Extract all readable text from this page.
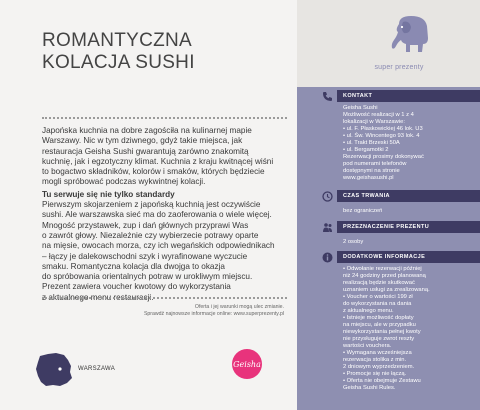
ROMANTYCZNA
KOLACJA SUSHI

Japońska kuchnia na dobre zagościła na kulinarnej mapie

Warszawy. Nic w tym dziwnego, gdyż takie miejsca, jak

restauracja Geisha Sushi gwarantują zarówno znakomitą

kuchnię, jak i egzotyczny klimat. Kuchnia z kraju kwitnącej wiśni

to bogactwo składników, kolorów i smaków, których będziecie

mogli spróbować podczas wykwintnej kolacji.

Tu serwuje się nie tylko standardy

Pierwszym skojarzeniem z japońską kuchnią jest oczywiście

sushi. Ale warszawska sieć ma do zaoferowania o wiele więcej.

Mnogość przystawek, zup i dań głównych przyprawi Was

o zawrót głowy. Niezależnie czy wybierzecie potrawy oparte

na mięsie, owocach morza, czy ich wegańskich odpowiednikach

– łączy je dalekowschodni szyk i wyrafinowane wyczucie

smaku. Romantyczna kolacja dla dwojga to okazja

do spróbowania orientalnych potraw w urokliwym miejscu.

Prezent zawiera voucher kwotowy do wykorzystania

z aktualnego menu restauracji.

Oferta i jej warunki mogą ulec zmianie.
Sprawdź najnowsze informacje online: www.superprezenty.pl
WARSZAWA	Geisha
super prezenty
KONTAKT

Geisha Sushi

Możliwość realizacji w 1 z 4

lokalizacji w Warszawie:

• ul. F. Płaskowickiej 46 lok. U3

• ul. Św. Wincentego 93 lok. 4

• ul. Trakt Brzeski 50A

• ul. Bergamotki 2

Rezerwacji prosimy dokonywać

pod numerami telefonów

dostępnymi na stronie

www.geishasushi.pl

CZAS TRWANIA
bez ograniczeń
PRZEZNACZENIE PREZENTU
2 osoby
DODATKOWE INFORMACJE

• Odwołanie rezerwacji później

niż 24 godziny przed planowaną

realizacją będzie skutkować

uznaniem usługi za zrealizowaną.

• Voucher o wartości 199 zł

do wykorzystania na dania

z aktualnego menu.

• Istnieje możliwość dopłaty

na miejscu, ale w przypadku

niewykorzystania pełnej kwoty

nie przysługuje zwrot reszty

wartości vouchera.

• Wymagana wcześniejsza

rezerwacja stolika z min.

2 dniowym wyprzedzeniem.

• Promocje się nie łączą.

• Oferta nie obejmuje Zestawu

Geisha Sushi Rules.
